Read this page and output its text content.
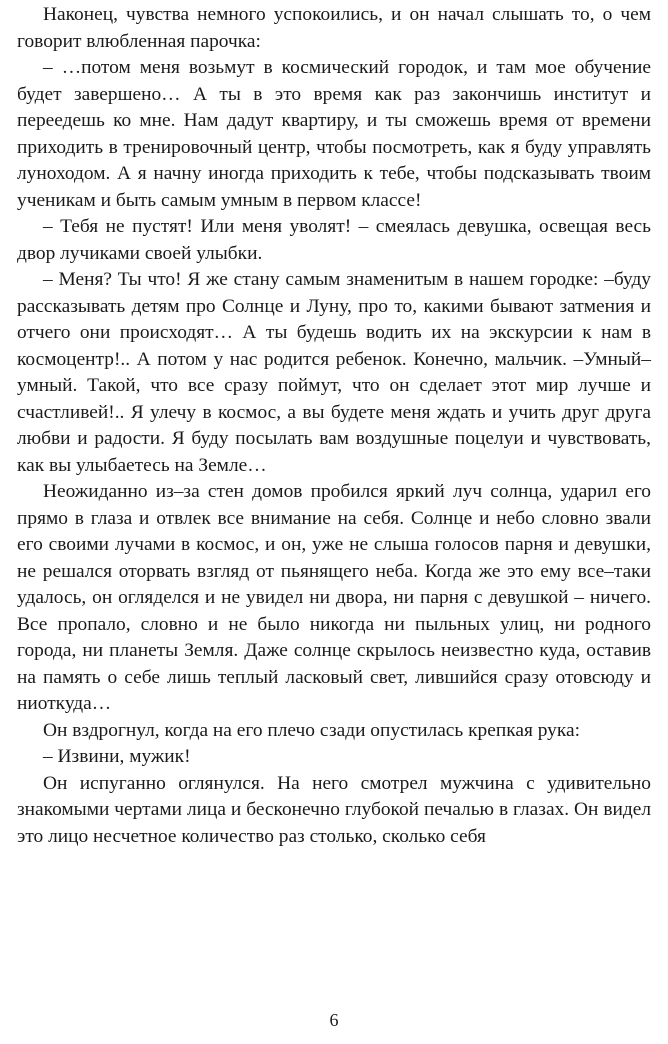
Наконец, чувства немного успокоились, и он начал слышать то, о чем говорит влюбленная парочка:

– …потом меня возьмут в космический городок, и там мое обучение будет завершено… А ты в это время как раз закончишь институт и переедешь ко мне. Нам дадут квартиру, и ты сможешь время от времени приходить в тренировочный центр, чтобы посмотреть, как я буду управлять луноходом. А я начну иногда приходить к тебе, чтобы подсказывать твоим ученикам и быть самым умным в первом классе!

– Тебя не пустят! Или меня уволят! – смеялась девушка, освещая весь двор лучиками своей улыбки.

– Меня? Ты что! Я же стану самым знаменитым в нашем городке: –буду рассказывать детям про Солнце и Луну, про то, какими бывают затмения и отчего они происходят… А ты будешь водить их на экскурсии к нам в космоцентр!.. А потом у нас родится ребенок. Конечно, мальчик. –Умный–умный. Такой, что все сразу поймут, что он сделает этот мир лучше и счастливей!.. Я улечу в космос, а вы будете меня ждать и учить друг друга любви и радости. Я буду посылать вам воздушные поцелуи и чувствовать, как вы улыбаетесь на Земле…

Неожиданно из–за стен домов пробился яркий луч солнца, ударил его прямо в глаза и отвлек все внимание на себя. Солнце и небо словно звали его своими лучами в космос, и он, уже не слыша голосов парня и девушки, не решался оторвать взгляд от пьянящего неба. Когда же это ему все–таки удалось, он огляделся и не увидел ни двора, ни парня с девушкой – ничего. Все пропало, словно и не было никогда ни пыльных улиц, ни родного города, ни планеты Земля. Даже солнце скрылось неизвестно куда, оставив на память о себе лишь теплый ласковый свет, лившийся сразу отовсюду и ниоткуда…

Он вздрогнул, когда на его плечо сзади опустилась крепкая рука:

– Извини, мужик!

Он испуганно оглянулся. На него смотрел мужчина с удивительно знакомыми чертами лица и бесконечно глубокой печалью в глазах. Он видел это лицо несчетное количество раз столько, сколько себя

6
